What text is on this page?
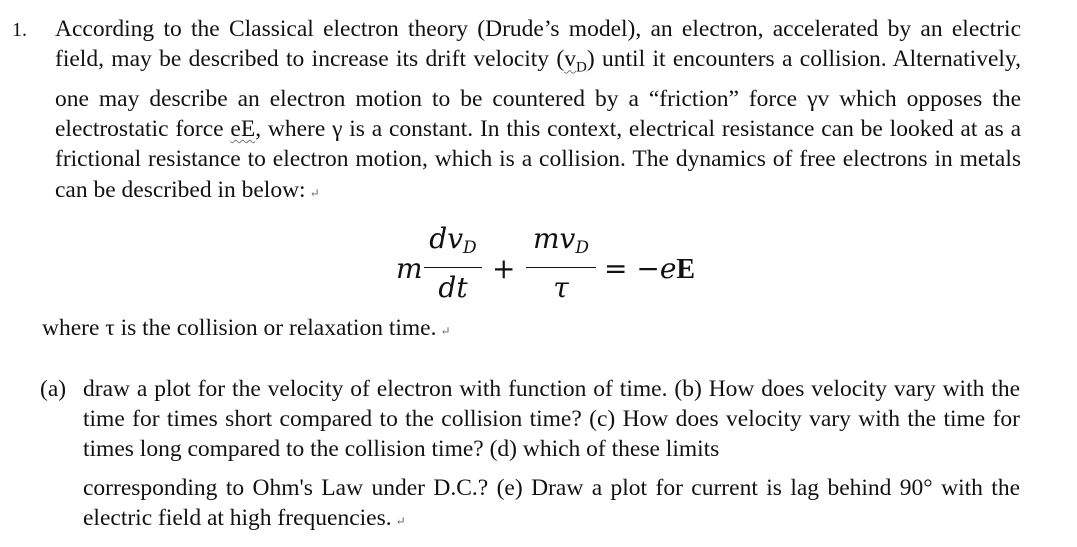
1. According to the Classical electron theory (Drude’s model), an electron, accelerated by an electric field, may be described to increase its drift velocity $(v_D)$ until it encounters a collision. Alternatively, one may describe an electron motion to be countered by a “friction” force γv which opposes the electrostatic force eE, where γ is a constant. In this context, electrical resistance can be looked at as a frictional resistance to electron motion, which is a collision. The dynamics of free electrons in metals can be described in below: ↵

m
$dv_D$
dt
+
$mv_D$
τ
= −eE

where τ is the collision or relaxation time. ↵

(a) draw a plot for the velocity of electron with function of time. (b) How does velocity vary with the time for times short compared to the collision time? (c) How does velocity vary with the time for times long compared to the collision time? (d) which of these limits
corresponding to Ohm's Law under D.C.? (e) Draw a plot for current is lag behind 90° with the electric field at high frequencies. ↵
